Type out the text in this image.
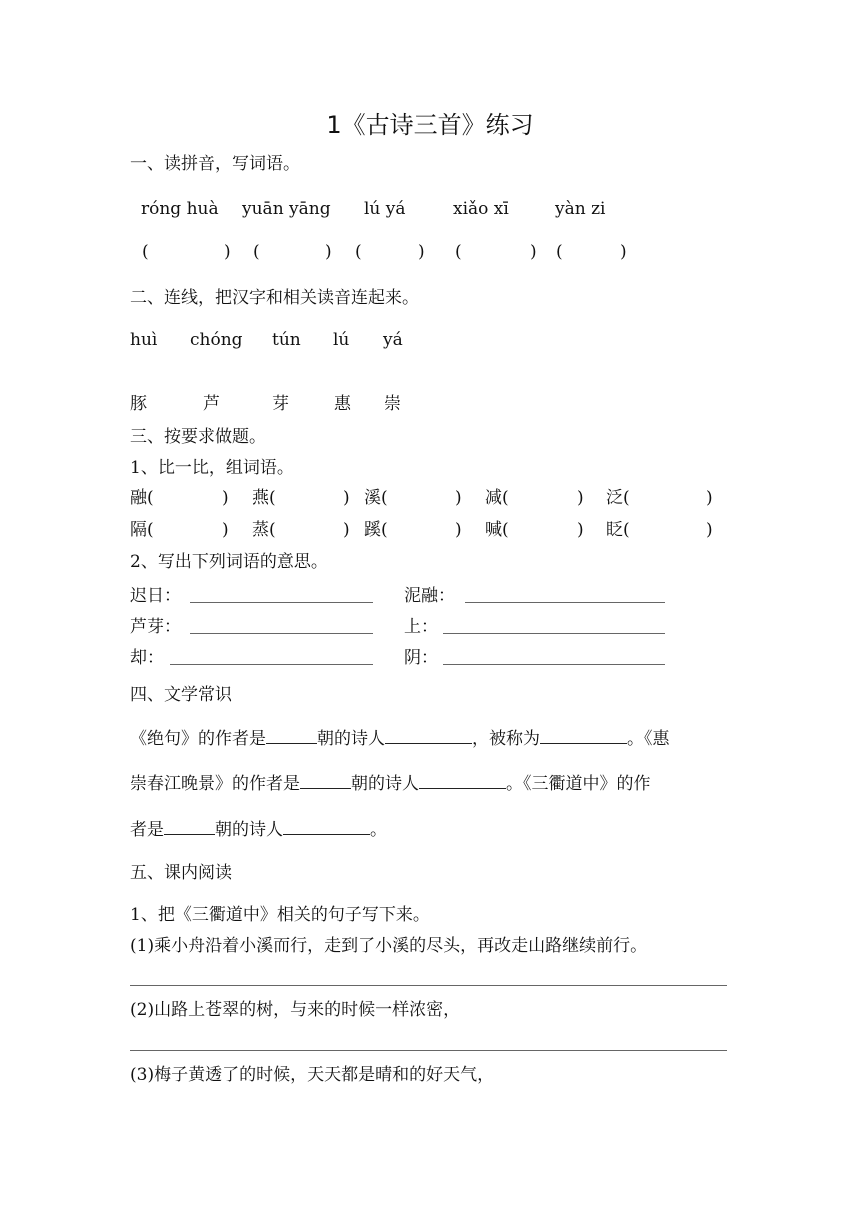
1《古诗三首》练习
一、读拼音，写词语。
róng huà yuān yāng lú yá	xiǎo xī	yàn zi
(	) (	) (	) (	) (	)
二、连线，把汉字和相关读音连起来。
huì chóng tún lú yá
豚	芦	芽	惠 崇
三、按要求做题。
1、比一比，组词语。
融(	) 燕(	) 溪(	) 减(	) 泛(	)
隔(	) 蒸(	) 蹊(	) 喊(	) 眨(	)
2、写出下列词语的意思。
迟日：	泥融：
芦芽：	上：
却：	阴：
四、文学常识
《绝句》的作者是	朝的诗人	，被称为	。《惠
崇春江晚景》的作者是	朝的诗人	。《三衢道中》的作
者是	朝的诗人	。
五、课内阅读
1、把《三衢道中》相关的句子写下来。
(1)乘小舟沿着小溪而行，走到了小溪的尽头，再改走山路继续前行。
(2)山路上苍翠的树，与来的时候一样浓密，
(3)梅子黄透了的时候，天天都是晴和的好天气，
